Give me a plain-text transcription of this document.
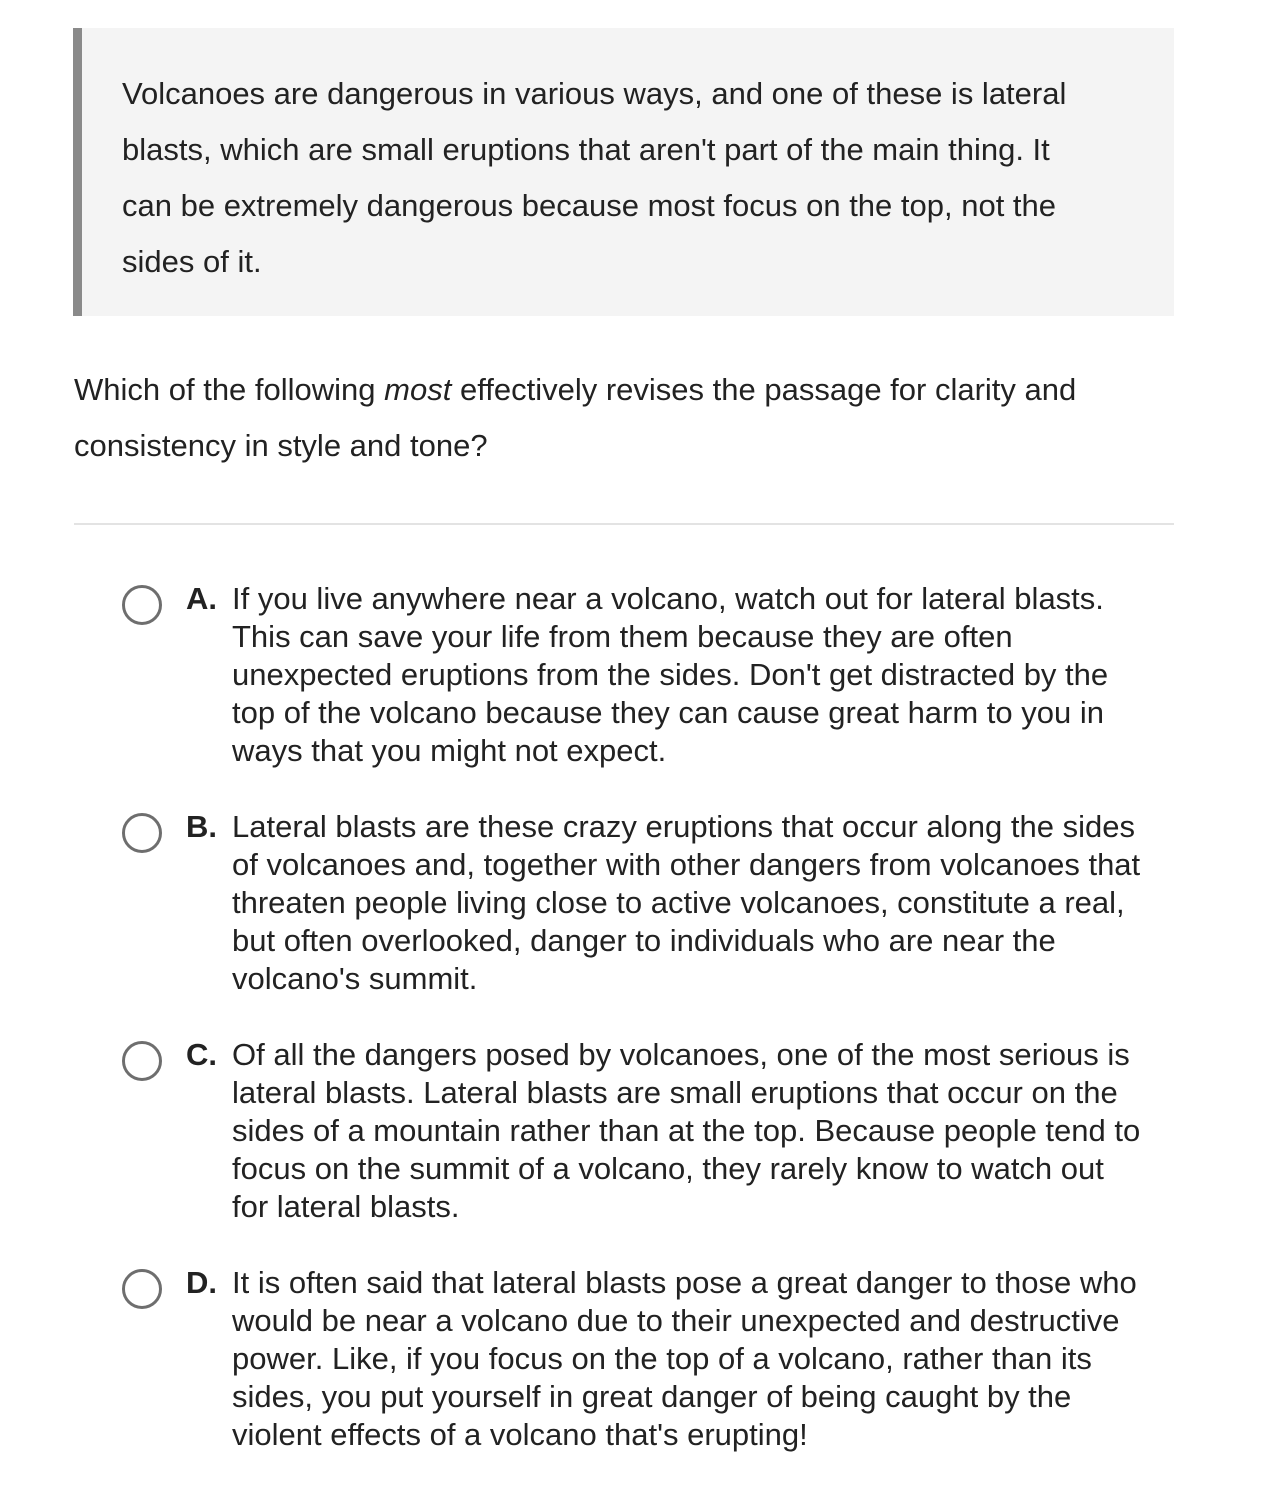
Volcanoes are dangerous in various ways, and one of these is lateral blasts, which are small eruptions that aren't part of the main thing. It can be extremely dangerous because most focus on the top, not the sides of it.

Which of the following most effectively revises the passage for clarity and consistency in style and tone?

A. If you live anywhere near a volcano, watch out for lateral blasts.
This can save your life from them because they are often
unexpected eruptions from the sides. Don't get distracted by the
top of the volcano because they can cause great harm to you in
ways that you might not expect.

B. Lateral blasts are these crazy eruptions that occur along the sides
of volcanoes and, together with other dangers from volcanoes that
threaten people living close to active volcanoes, constitute a real,
but often overlooked, danger to individuals who are near the
volcano's summit.

C. Of all the dangers posed by volcanoes, one of the most serious is
lateral blasts. Lateral blasts are small eruptions that occur on the
sides of a mountain rather than at the top. Because people tend to
focus on the summit of a volcano, they rarely know to watch out
for lateral blasts.

D. It is often said that lateral blasts pose a great danger to those who
would be near a volcano due to their unexpected and destructive
power. Like, if you focus on the top of a volcano, rather than its
sides, you put yourself in great danger of being caught by the
violent effects of a volcano that's erupting!
